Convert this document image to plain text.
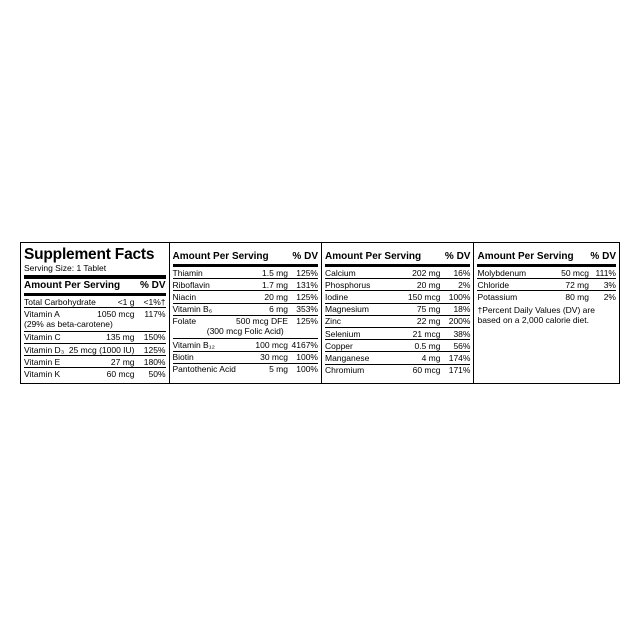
Supplement Facts
Serving Size: 1 Tablet
Amount Per Serving % DV
Total Carbohydrate	<1 g	<1%†
Vitamin A	1050 mcg	117%
(29% as beta-carotene)
Vitamin C	135 mg	150%
Vitamin D₃ 25 mcg (1000 IU)	125%
Vitamin E	27 mg	180%
Vitamin K	60 mcg	50%
Amount Per Serving % DV
Thiamin	1.5 mg 125%
Riboflavin	1.7 mg 131%
Niacin	20 mg 125%
Vitamin B₆	6 mg 353%
Folate	500 mcg DFE 125%
(300 mcg Folic Acid)
Vitamin B₁₂	100 mcg 4167%
Biotin	30 mcg 100%
Pantothenic Acid	5 mg 100%
Amount Per Serving % DV
Calcium	202 mg	16%
Phosphorus	20 mg	2%
Iodine	150 mcg 100%
Magnesium	75 mg	18%
Zinc	22 mg 200%
Selenium	21 mcg	38%
Copper	0.5 mg	56%
Manganese	4 mg 174%
Chromium	60 mcg 171%
Amount Per Serving % DV
Molybdenum	50 mcg 111%
Chloride	72 mg	3%
Potassium	80 mg	2%
†Percent Daily Values (DV) are based on a 2,000 calorie diet.
